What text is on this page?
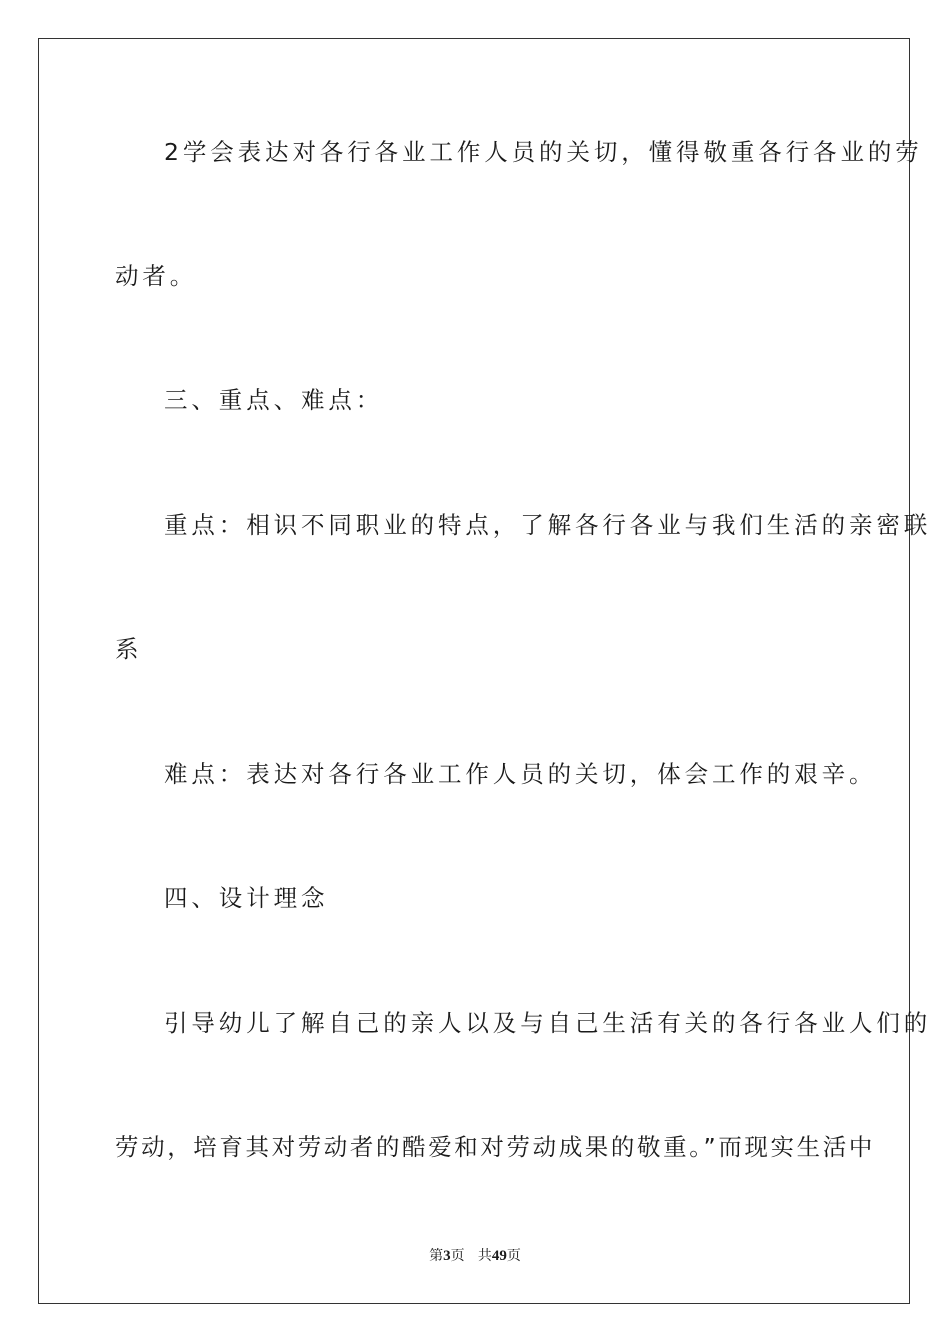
2学会表达对各行各业工作人员的关切，懂得敬重各行各业的劳
动者。
三、重点、难点：
重点：相识不同职业的特点，了解各行各业与我们生活的亲密联
系
难点：表达对各行各业工作人员的关切，体会工作的艰辛。
四、设计理念
引导幼儿了解自己的亲人以及与自己生活有关的各行各业人们的
劳动，培育其对劳动者的酷爱和对劳动成果的敬重。”而现实生活中
第3页 共49页
